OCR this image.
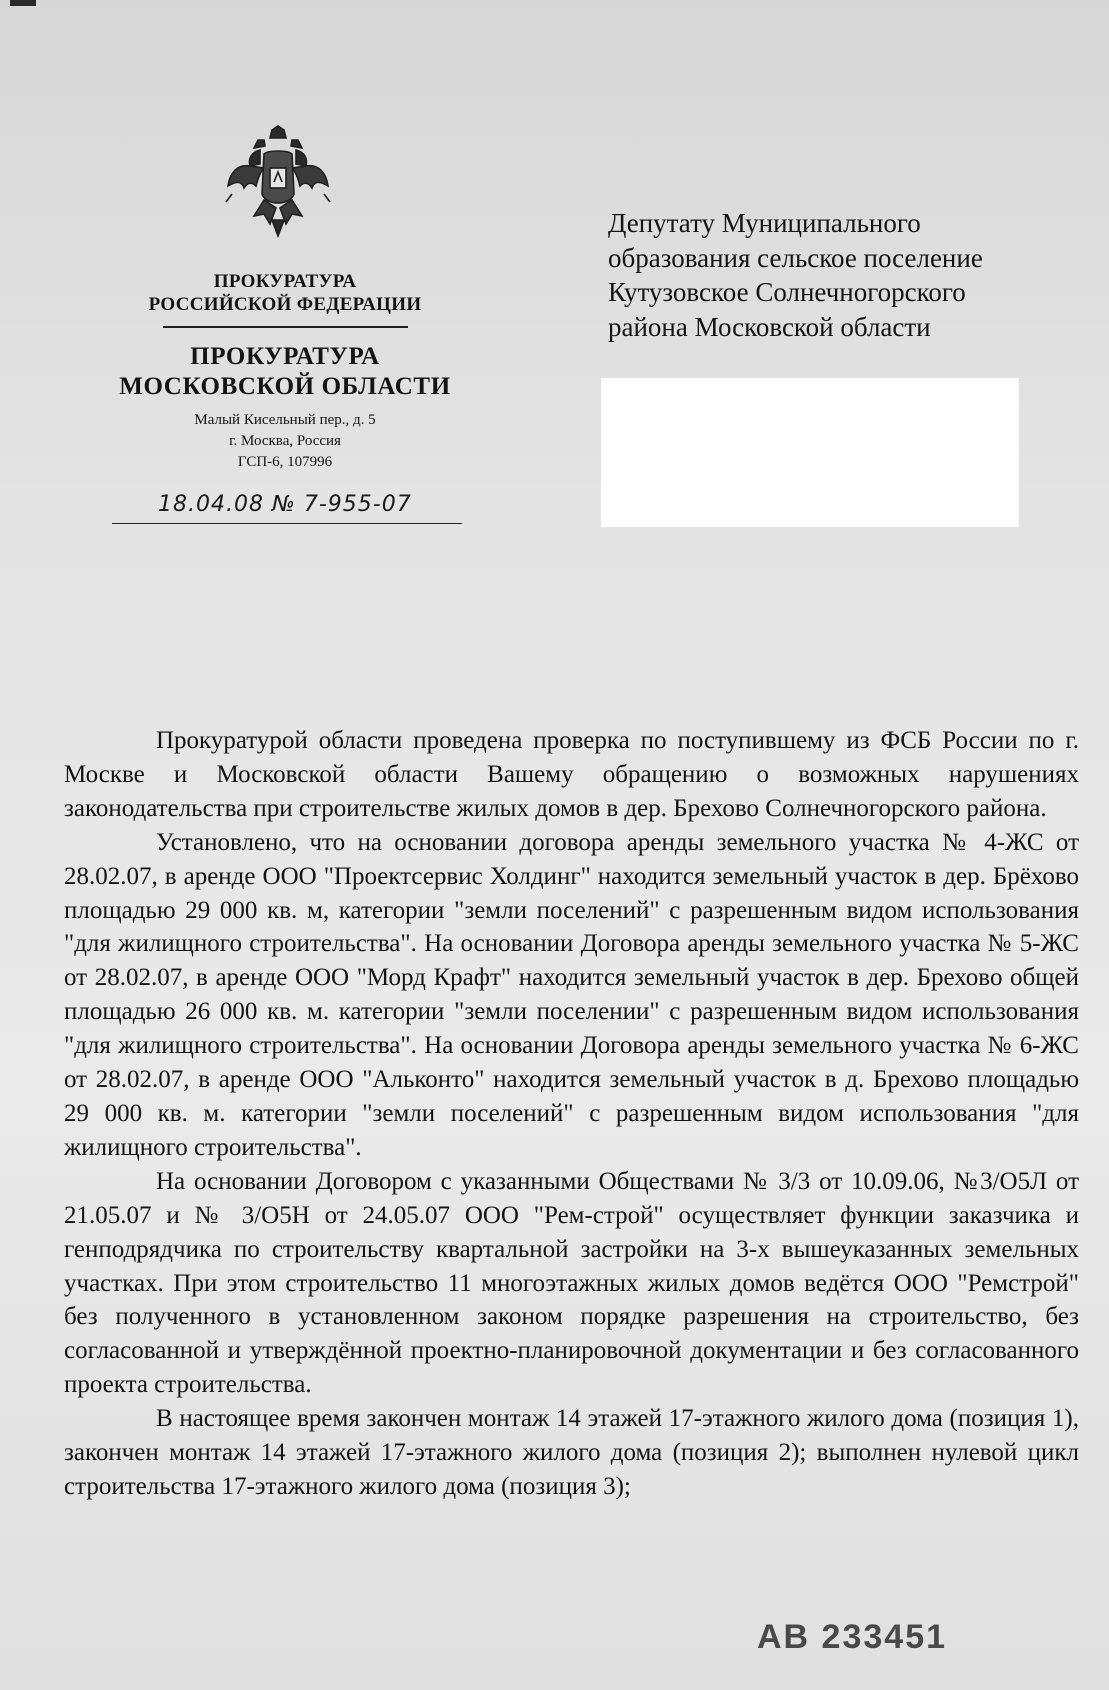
ПРОКУРАТУРА
РОССИЙСКОЙ ФЕДЕРАЦИИ
ПРОКУРАТУРА
МОСКОВСКОЙ ОБЛАСТИ
Малый Кисельный пер., д. 5
г. Москва, Россия
ГСП-6, 107996
18.04.08 № 7-955-07
Депутату Муниципального
образования сельское поселение
Кутузовское Солнечногорского
района Московской области

Прокуратурой области проведена проверка по поступившему из ФСБ России по г. Москве и Московской области Вашему обращению о возможных нарушениях законодательства при строительстве жилых домов в дер. Брехово Солнечногорского района.

Установлено, что на основании договора аренды земельного участка № 4-ЖС от 28.02.07, в аренде ООО "Проектсервис Холдинг" находится земельный участок в дер. Брёхово площадью 29 000 кв. м, категории "земли поселений" с разрешенным видом использования "для жилищного строительства". На основании Договора аренды земельного участка № 5-ЖС от 28.02.07, в аренде ООО "Морд Крафт" находится земельный участок в дер. Брехово общей площадью 26 000 кв. м. категории "земли поселении" с разрешенным видом использования "для жилищного строительства". На основании Договора аренды земельного участка № 6-ЖС от 28.02.07, в аренде ООО "Альконто" находится земельный участок в д. Брехово площадью 29 000 кв. м. категории "земли поселений" с разрешенным видом использования "для жилищного строительства".

На основании Договором с указанными Обществами № 3/3 от 10.09.06, №3/О5Л от 21.05.07 и № 3/О5Н от 24.05.07 ООО "Рем-строй" осуществляет функции заказчика и генподрядчика по строительству квартальной застройки на 3-х вышеуказанных земельных участках. При этом строительство 11 многоэтажных жилых домов ведётся ООО "Ремстрой" без полученного в установленном законом порядке разрешения на строительство, без согласованной и утверждённой проектно-планировочной документации и без согласованного проекта строительства.

В настоящее время закончен монтаж 14 этажей 17-этажного жилого дома (позиция 1), закончен монтаж 14 этажей 17-этажного жилого дома (позиция 2); выполнен нулевой цикл строительства 17-этажного жилого дома (позиция 3);

АВ 233451
